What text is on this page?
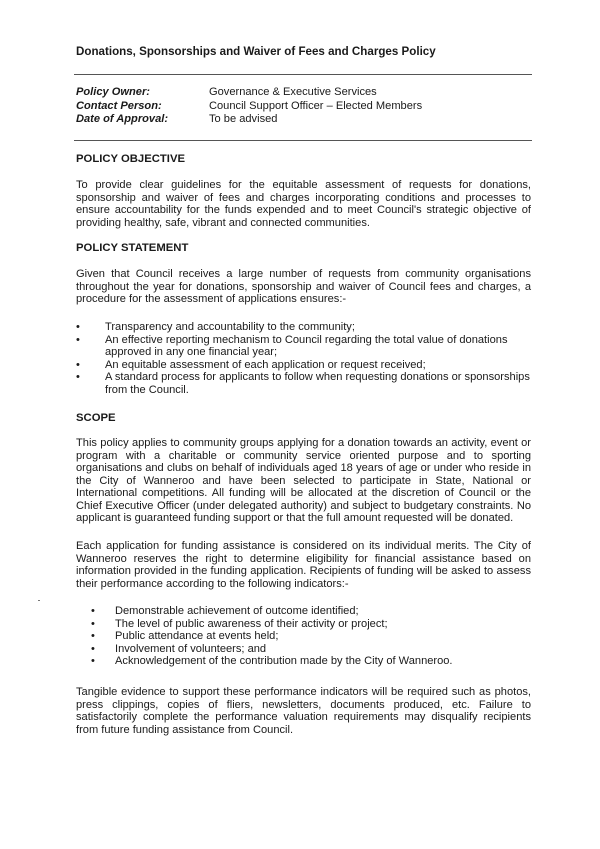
Donations, Sponsorships and Waiver of Fees and Charges Policy
Policy Owner:	Governance & Executive Services
Contact Person:	Council Support Officer – Elected Members
Date of Approval:	To be advised
POLICY OBJECTIVE

To provide clear guidelines for the equitable assessment of requests for donations, sponsorship and waiver of fees and charges incorporating conditions and processes to ensure accountability for the funds expended and to meet Council's strategic objective of providing healthy, safe, vibrant and connected communities.

POLICY STATEMENT

Given that Council receives a large number of requests from community organisations throughout the year for donations, sponsorship and waiver of Council fees and charges, a procedure for the assessment of applications ensures:-

• Transparency and accountability to the community;
• An effective reporting mechanism to Council regarding the total value of donations approved in any one financial year;
• An equitable assessment of each application or request received;
• A standard process for applicants to follow when requesting donations or sponsorships from the Council.
SCOPE

This policy applies to community groups applying for a donation towards an activity, event or program with a charitable or community service oriented purpose and to sporting organisations and clubs on behalf of individuals aged 18 years of age or under who reside in the City of Wanneroo and have been selected to participate in State, National or International competitions. All funding will be allocated at the discretion of Council or the Chief Executive Officer (under delegated authority) and subject to budgetary constraints. No applicant is guaranteed funding support or that the full amount requested will be donated.

Each application for funding assistance is considered on its individual merits. The City of Wanneroo reserves the right to determine eligibility for financial assistance based on information provided in the funding application. Recipients of funding will be asked to assess their performance according to the following indicators:-

• Demonstrable achievement of outcome identified;
• The level of public awareness of their activity or project;
• Public attendance at events held;
• Involvement of volunteers; and
• Acknowledgement of the contribution made by the City of Wanneroo.

Tangible evidence to support these performance indicators will be required such as photos, press clippings, copies of fliers, newsletters, documents produced, etc. Failure to satisfactorily complete the performance valuation requirements may disqualify recipients from future funding assistance from Council.
